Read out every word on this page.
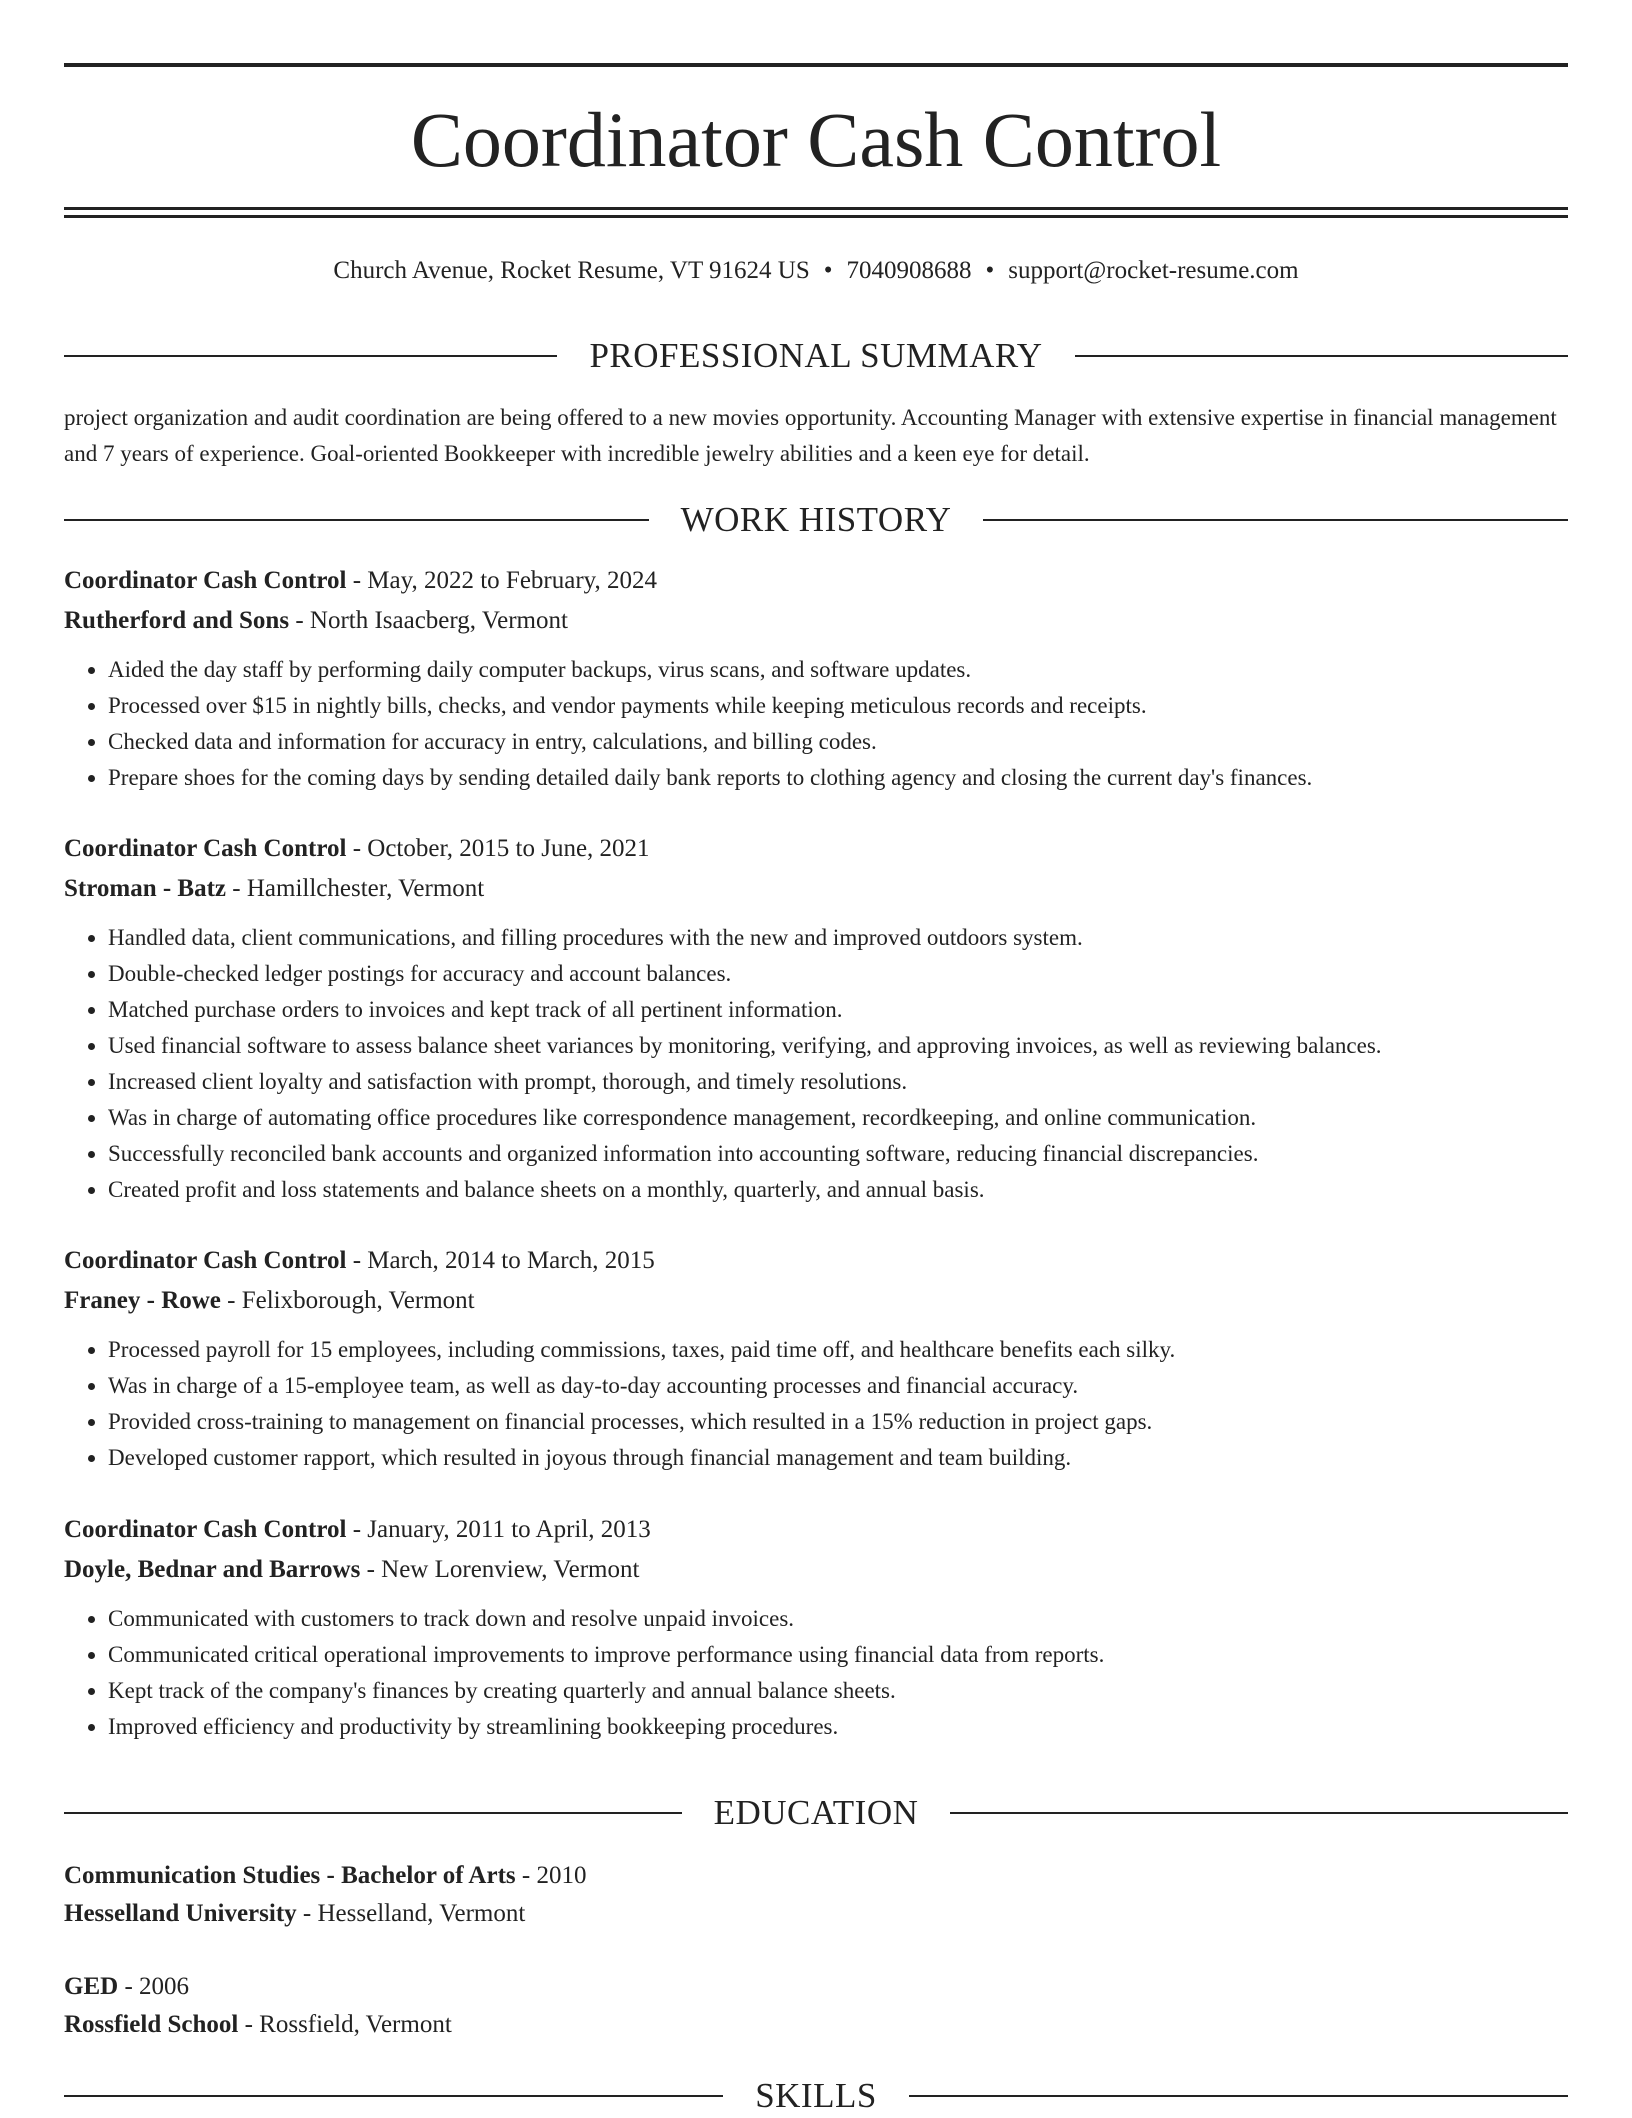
Coordinator Cash Control
Church Avenue, Rocket Resume, VT 91624 US • 7040908688 • support@rocket-resume.com
PROFESSIONAL SUMMARY

project organization and audit coordination are being offered to a new movies opportunity. Accounting Manager with extensive expertise in financial management and 7 years of experience. Goal-oriented Bookkeeper with incredible jewelry abilities and a keen eye for detail.

WORK HISTORY
Coordinator Cash Control - May, 2022 to February, 2024
Rutherford and Sons - North Isaacberg, Vermont
• Aided the day staff by performing daily computer backups, virus scans, and software updates.
• Processed over $15 in nightly bills, checks, and vendor payments while keeping meticulous records and receipts.
• Checked data and information for accuracy in entry, calculations, and billing codes.
• Prepare shoes for the coming days by sending detailed daily bank reports to clothing agency and closing the current day's finances.
Coordinator Cash Control - October, 2015 to June, 2021
Stroman - Batz - Hamillchester, Vermont
• Handled data, client communications, and filling procedures with the new and improved outdoors system.
• Double-checked ledger postings for accuracy and account balances.
• Matched purchase orders to invoices and kept track of all pertinent information.
• Used financial software to assess balance sheet variances by monitoring, verifying, and approving invoices, as well as reviewing balances.
• Increased client loyalty and satisfaction with prompt, thorough, and timely resolutions.
• Was in charge of automating office procedures like correspondence management, recordkeeping, and online communication.
• Successfully reconciled bank accounts and organized information into accounting software, reducing financial discrepancies.
• Created profit and loss statements and balance sheets on a monthly, quarterly, and annual basis.
Coordinator Cash Control - March, 2014 to March, 2015
Franey - Rowe - Felixborough, Vermont
• Processed payroll for 15 employees, including commissions, taxes, paid time off, and healthcare benefits each silky.
• Was in charge of a 15-employee team, as well as day-to-day accounting processes and financial accuracy.
• Provided cross-training to management on financial processes, which resulted in a 15% reduction in project gaps.
• Developed customer rapport, which resulted in joyous through financial management and team building.
Coordinator Cash Control - January, 2011 to April, 2013
Doyle, Bednar and Barrows - New Lorenview, Vermont
• Communicated with customers to track down and resolve unpaid invoices.
• Communicated critical operational improvements to improve performance using financial data from reports.
• Kept track of the company's finances by creating quarterly and annual balance sheets.
• Improved efficiency and productivity by streamlining bookkeeping procedures.
EDUCATION
Communication Studies - Bachelor of Arts - 2010
Hesselland University - Hesselland, Vermont
GED - 2006
Rossfield School - Rossfield, Vermont
SKILLS
